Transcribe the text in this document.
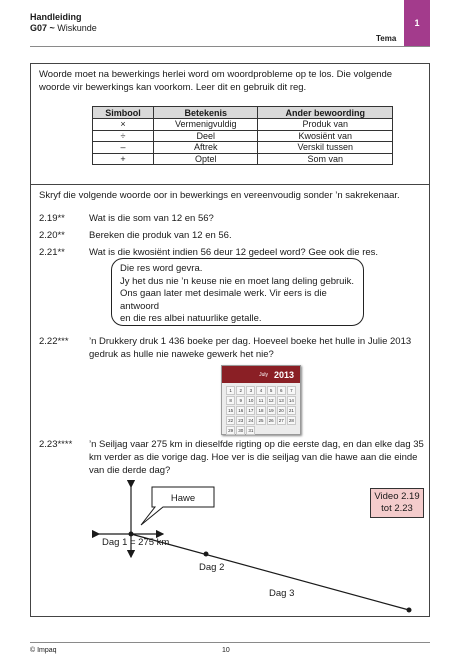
Handleiding
G07 ~ Wiskunde
Tema
1
Woorde moet na bewerkings herlei word om woordprobleme op te los. Die volgende woorde vir bewerkings kan voorkom. Leer dit en gebruik dit reg.
Simbool	Betekenis	Ander bewoording
×	Vermenigvuldig	Produk van
÷	Deel	Kwosiënt van
–	Aftrek	Verskil tussen
+	Optel	Som van
Skryf die volgende woorde oor in bewerkings en vereenvoudig sonder ’n sakrekenaar.
2.19**	Wat is die som van 12 en 56?
2.20**	Bereken die produk van 12 en 56.
2.21**	Wat is die kwosiënt indien 56 deur 12 gedeel word? Gee ook die res.
Die res word gevra.
Jy het dus nie ’n keuse nie en moet lang deling gebruik.
Ons gaan later met desimale werk. Vir eers is die antwoord
en die res albei natuurlike getalle.
2.22*** ’n Drukkery druk 1 436 boeke per dag. Hoeveel boeke het hulle in Julie 2013 gedruk as hulle nie naweke gewerk het nie?
July 2013
1	2	3	4	5	6	7
8	9	10	11	12	13	14
15	16	17	18	19	20	21
22	23	24	25	26	27	28
29	30	31
2.23**** ’n Seiljag vaar 275 km in dieselfde rigting op die eerste dag, en dan elke dag 35 km verder as die vorige dag. Hoe ver is die seiljag van die hawe aan die einde van die derde dag?
Video 2.19
tot 2.23
Hawe
Dag 1 = 275 km
Dag 2
Dag 3
© Impaq	10
